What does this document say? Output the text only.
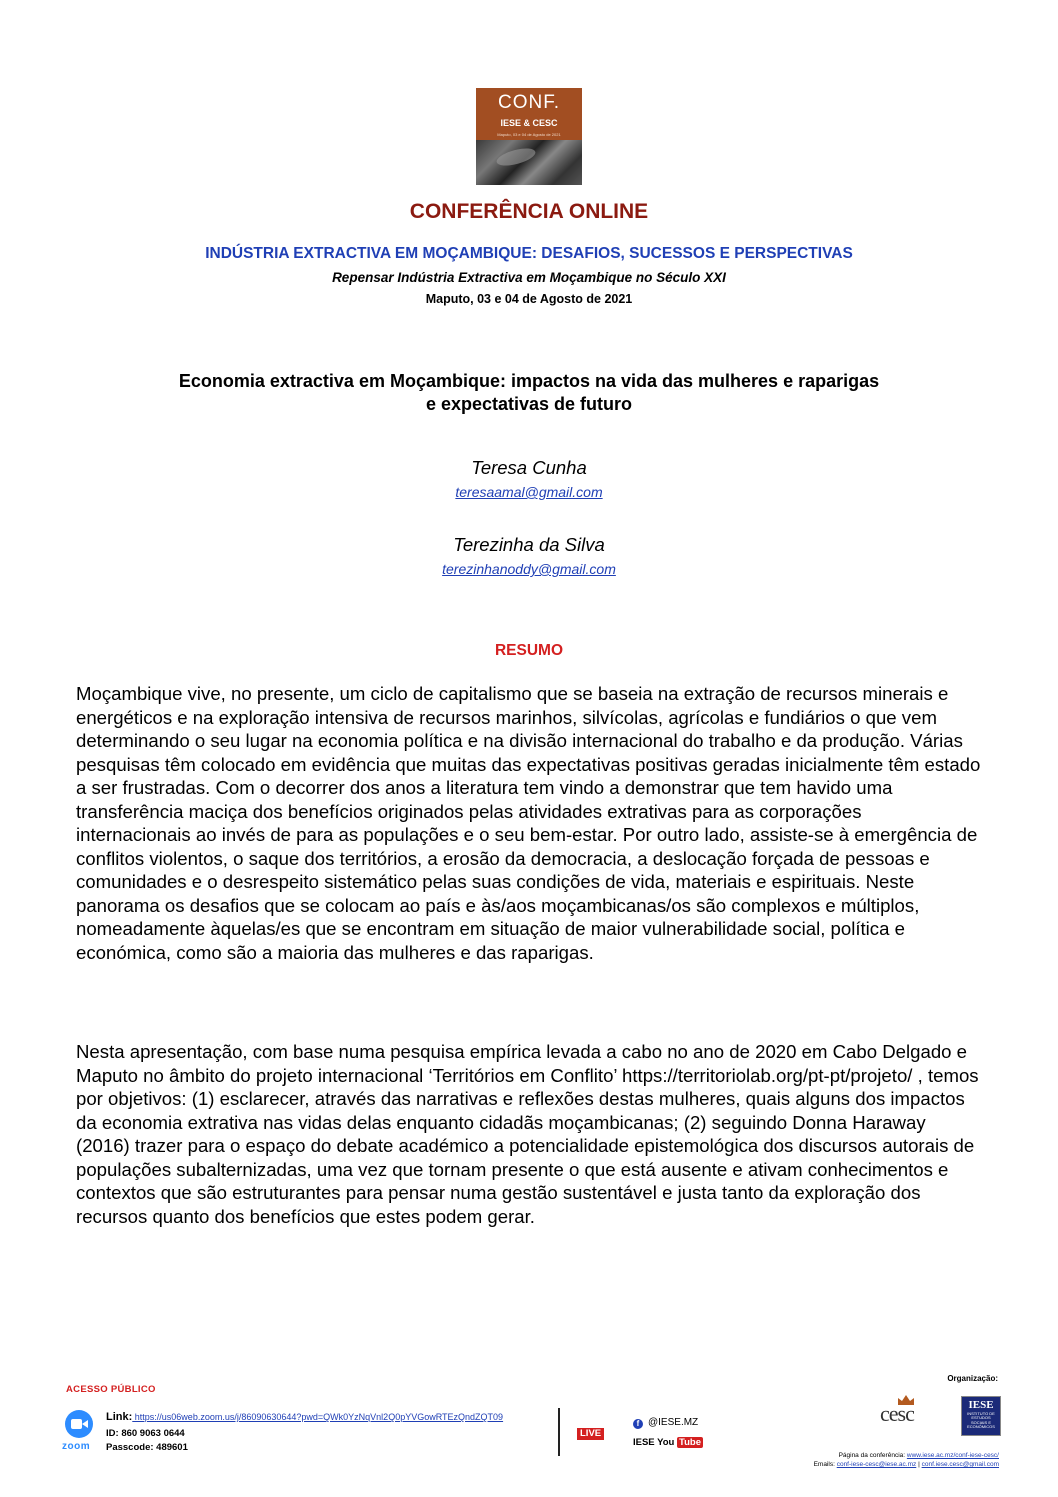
CONF.
IESE & CESC
Maputo, 03 e 04 de Agosto de 2021
CONFERÊNCIA ONLINE
INDÚSTRIA EXTRACTIVA EM MOÇAMBIQUE: DESAFIOS, SUCESSOS E PERSPECTIVAS
Repensar Indústria Extractiva em Moçambique no Século XXI
Maputo, 03 e 04 de Agosto de 2021
Economia extractiva em Moçambique: impactos na vida das mulheres e raparigas
e expectativas de futuro
Teresa Cunha
teresaamal@gmail.com
Terezinha da Silva
terezinhanoddy@gmail.com
RESUMO
Moçambique vive, no presente, um ciclo de capitalismo que se baseia na extração de recursos minerais e energéticos e na exploração intensiva de recursos marinhos, silvícolas, agrícolas e fundiários o que vem determinando o seu lugar na economia política e na divisão internacional do trabalho e da produção. Várias pesquisas têm colocado em evidência que muitas das expectativas positivas geradas inicialmente têm estado a ser frustradas. Com o decorrer dos anos a literatura tem vindo a demonstrar que tem havido uma transferência maciça dos benefícios originados pelas atividades extrativas para as corporações internacionais ao invés de para as populações e o seu bem-estar. Por outro lado, assiste-se à emergência de conflitos violentos, o saque dos territórios, a erosão da democracia, a deslocação forçada de pessoas e comunidades e o desrespeito sistemático pelas suas condições de vida, materiais e espirituais. Neste panorama os desafios que se colocam ao país e às/aos moçambicanas/os são complexos e múltiplos, nomeadamente àquelas/es que se encontram em situação de maior vulnerabilidade social, política e económica, como são a maioria das mulheres e das raparigas.
Nesta apresentação, com base numa pesquisa empírica levada a cabo no ano de 2020 em Cabo Delgado e Maputo no âmbito do projeto internacional ‘Territórios em Conflito’ https://territoriolab.org/pt-pt/projeto/ , temos por objetivos: (1) esclarecer, através das narrativas e reflexões destas mulheres, quais alguns dos impactos da economia extrativa nas vidas delas enquanto cidadãs moçambicanas; (2) seguindo Donna Haraway (2016) trazer para o espaço do debate académico a potencialidade epistemológica dos discursos autorais de populações subalternizadas, uma vez que tornam presente o que está ausente e ativam conhecimentos e contextos que são estruturantes para pensar numa gestão sustentável e justa tanto da exploração dos recursos quanto dos benefícios que estes podem gerar.
ACESSO PÚBLICO
zoom
Link: https://us06web.zoom.us/j/86090630644?pwd=QWk0YzNqVnl2Q0pYVGowRTEzQndZQT09
ID: 860 9063 0644
Passcode: 489601
LIVE
f @IESE.MZ
IESE You Tube
Organização:
cesc	IESE
INSTITUTO DE ESTUDOS SOCIAIS E ECONÓMICOS
Página da conferência: www.iese.ac.mz/conf-iese-cesc/
Emails: conf-iese-cesc@iese.ac.mz | conf.iese.cesc@gmail.com
